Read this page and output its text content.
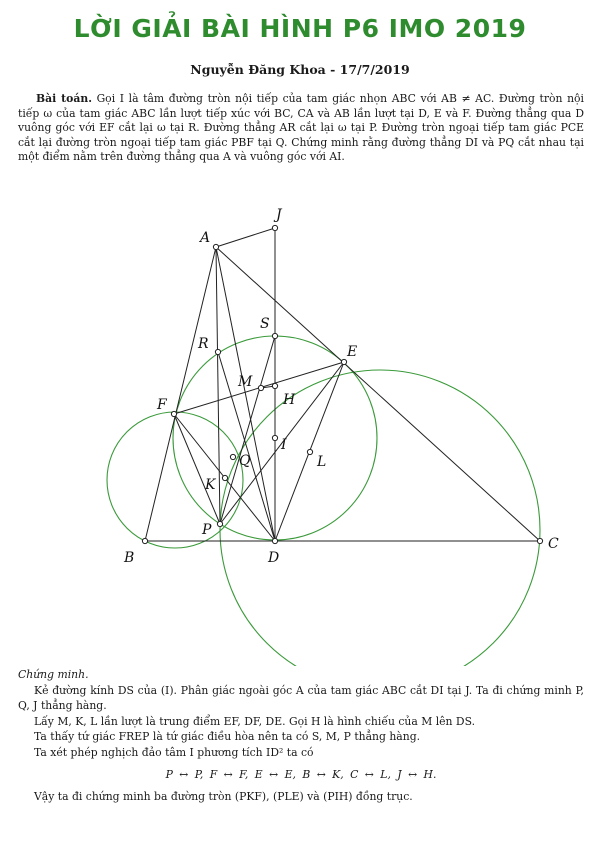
LỜI GIẢI BÀI HÌNH P6 IMO 2019
Nguyễn Đăng Khoa - 17/7/2019
Bài toán. Gọi I là tâm đường tròn nội tiếp của tam giác nhọn ABC với AB ≠ AC. Đường tròn nội tiếp ω của tam giác ABC lần lượt tiếp xúc với BC, CA và AB lần lượt tại D, E và F. Đường thẳng qua D vuông góc với EF cắt lại ω tại R. Đường thẳng AR cắt lại ω tại P. Đường tròn ngoại tiếp tam giác PCE cắt lại đường tròn ngoại tiếp tam giác PBF tại Q. Chứng minh rằng đường thẳng DI và PQ cắt nhau tại một điểm nằm trên đường thẳng qua A và vuông góc với AI.
A
J
S
R	E
M
H
F
I
L
Q
K
P
B	D
C
Chứng minh.

Kẻ đường kính DS của (I). Phân giác ngoài góc A của tam giác ABC cắt DI tại J. Ta đi chứng minh P, Q, J thẳng hàng.

Lấy M, K, L lần lượt là trung điểm EF, DF, DE. Gọi H là hình chiếu của M lên DS.

Ta thấy tứ giác FREP là tứ giác điều hòa nên ta có S, M, P thẳng hàng.

Ta xét phép nghịch đảo tâm I phương tích ID² ta có

P ↔ P, F ↔ F, E ↔ E, B ↔ K, C ↔ L, J ↔ H.

Vậy ta đi chứng minh ba đường tròn (PKF), (PLE) và (PIH) đồng trục.
